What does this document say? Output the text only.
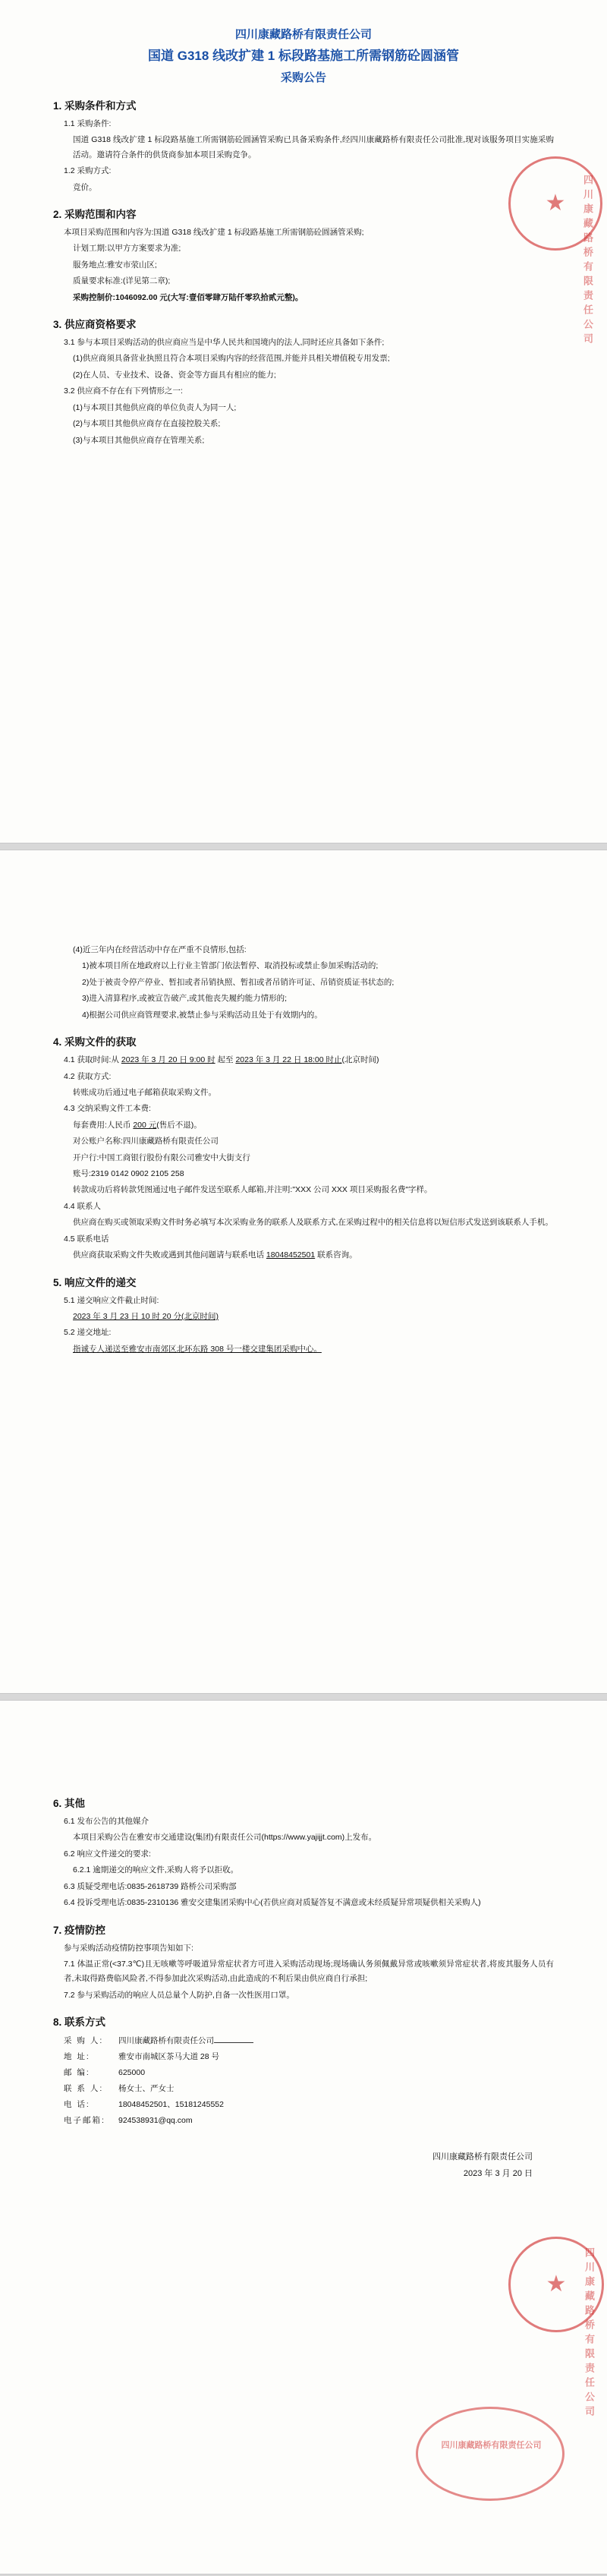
四川康藏路桥有限责任公司
国道 G318 线改扩建 1 标段路基施工所需钢筋砼圆涵管
采购公告
1. 采购条件和方式

1.1 采购条件:

国道 G318 线改扩建 1 标段路基施工所需钢筋砼圆涵管采购已具备采购条件,经四川康藏路桥有限责任公司批准,现对该服务项目实施采购活动。邀请符合条件的供货商参加本项目采购竞争。

1.2 采购方式:

竞价。

2. 采购范围和内容

本项目采购范围和内容为:国道 G318 线改扩建 1 标段路基施工所需钢筋砼圆涵管采购;

计划工期:以甲方方案要求为准;

服务地点:雅安市荥山区;

质量要求标准:(详见第二章);

采购控制价:1046092.00 元(大写:壹佰零肆万陆仟零玖拾贰元整)。

3. 供应商资格要求

3.1 参与本项目采购活动的供应商应当是中华人民共和国境内的法人,同时还应具备如下条件;

(1)供应商须具备营业执照且符合本项目采购内容的经营范围,并能并具相关增值税专用发票;

(2)在人员、专业技术、设备、资金等方面具有相应的能力;

3.2 供应商不存在有下列情形之一:

(1)与本项目其他供应商的单位负责人为同一人;

(2)与本项目其他供应商存在直接控股关系;

(3)与本项目其他供应商存在管理关系;

★ 四川康藏路桥有限责任公司

(4)近三年内在经营活动中存在严重不良情形,包括:

1)被本项目所在地政府以上行业主管部门依法暂停、取消投标或禁止参加采购活动的;

2)处于被责令停产停业、暂扣或者吊销执照、暂扣或者吊销许可证、吊销资质证书状态的;

3)进入清算程序,或被宣告破产,或其他丧失履约能力情形的;

4)根据公司供应商管理要求,被禁止参与采购活动且处于有效期内的。

4. 采购文件的获取

4.1 获取时间:从 2023 年 3 月 20 日 9:00 时 起至 2023 年 3 月 22 日 18:00 时止(北京时间)

4.2 获取方式:

转账成功后通过电子邮箱获取采购文件。

4.3 交纳采购文件工本费:

每套费用:人民币 200 元(售后不退)。

对公账户名称:四川康藏路桥有限责任公司

开户行:中国工商银行股份有限公司雅安中大街支行

账号:2319 0142 0902 2105 258

转款成功后将转款凭图通过电子邮件发送至联系人邮箱,并注明:"XXX 公司 XXX 项目采购报名费"字样。

4.4 联系人

供应商在购买或领取采购文件时务必填写本次采购业务的联系人及联系方式,在采购过程中的相关信息将以短信形式发送到该联系人手机。

4.5 联系电话

供应商获取采购文件失败或遇到其他问题请与联系电话 18048452501 联系咨询。

5. 响应文件的递交

5.1 递交响应文件截止时间:

2023 年 3 月 23 日 10 时 20 分(北京时间)

5.2 递交地址:

指诚专人递送至雅安市南郊区北环东路 308 号一楼交建集团采购中心。

6. 其他

6.1 发布公告的其他媒介

本项目采购公告在雅安市交通建设(集团)有限责任公司(https://www.yajijjt.com)上发布。

6.2 响应文件递交的要求:

6.2.1 逾期递交的响应文件,采购人将予以拒收。

6.3 质疑受理电话:0835-2618739 路桥公司采购部

6.4 投诉受理电话:0835-2310136 雅安交建集团采购中心(若供应商对质疑答复不满意或未经质疑异常项疑供相关采购人)

7. 疫情防控

参与采购活动疫情防控事项告知如下:

7.1 体温正常(<37.3℃)且无咳嗽等呼吸道异常症状者方可进入采购活动现场;现场确认务须佩戴异常或咳嗽须异常症状者,将废其服务人员有者,未取得路费临风险者,不得参加此次采购活动,由此造成的不利后果由供应商自行承担;

7.2 参与采购活动的响应人员总量个人防护,自备一次性医用口罩。

8. 联系方式
采 购 人:	四川康藏路桥有限责任公司
地 址:	雅安市南城区茶马大道 28 号
邮 编:	625000
联 系 人:	杨女士、严女士
电 话:	18048452501、15181245552
电子邮箱:	924538931@qq.com
四川康藏路桥有限责任公司
2023 年 3 月 20 日
★ 四川康藏路桥有限责任公司
四川康藏路桥有限责任公司
